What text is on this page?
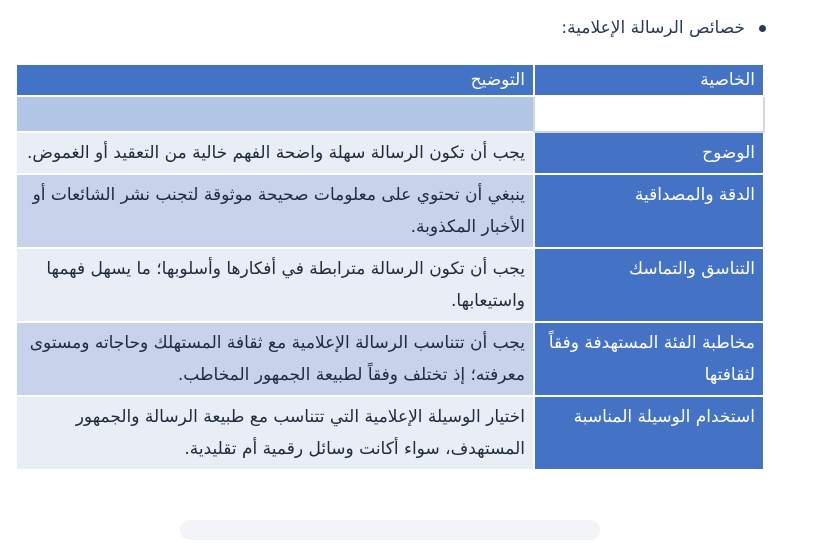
خصائص الرسالة الإعلامية:
الخاصية	التوضيح

الوضوح	يجب أن تكون الرسالة سهلة واضحة الفهم خالية من التعقيد أو الغموض.
الدقة والمصداقية	ينبغي أن تحتوي على معلومات صحيحة موثوقة لتجنب نشر الشائعات أو الأخبار المكذوبة.
التناسق والتماسك	يجب أن تكون الرسالة مترابطة في أفكارها وأسلوبها؛ ما يسهل فهمها واستيعابها.
مخاطبة الفئة المستهدفة وفقاً لثقافتها	يجب أن تتناسب الرسالة الإعلامية مع ثقافة المستهلك وحاجاته ومستوى معرفته؛ إذ تختلف وفقاً لطبيعة الجمهور المخاطب.
استخدام الوسيلة المناسبة	اختيار الوسيلة الإعلامية التي تتناسب مع طبيعة الرسالة والجمهور المستهدف، سواء أكانت وسائل رقمية أم تقليدية.
